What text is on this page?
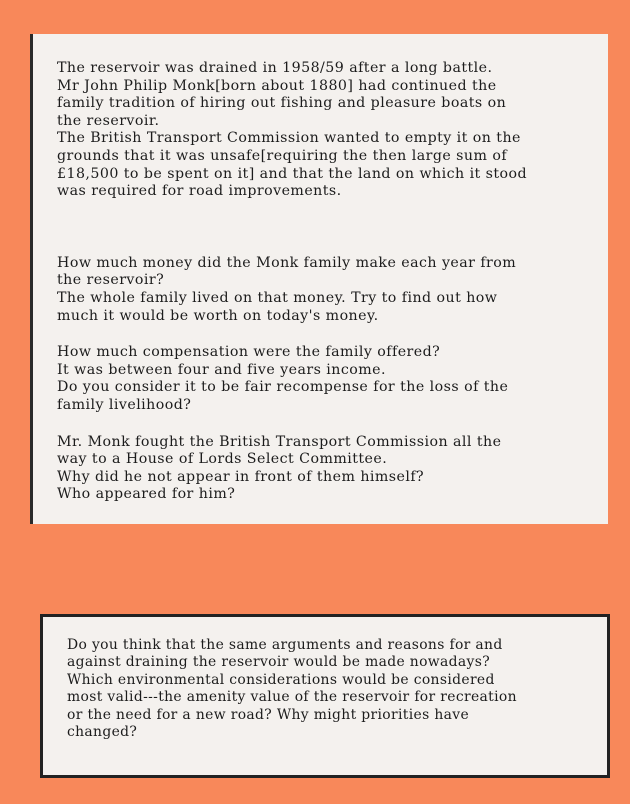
The reservoir was drained in 1958/59 after a long battle.
Mr John Philip Monk[born about 1880] had continued the
family tradition of hiring out fishing and pleasure boats on
the reservoir.
The British Transport Commission wanted to empty it on the
grounds that it was unsafe[requiring the then large sum of
£18,500 to be spent on it] and that the land on which it stood
was required for road improvements.
How much money did the Monk family make each year from
the reservoir?
The whole family lived on that money. Try to find out how
much it would be worth on today's money.
How much compensation were the family offered?
It was between four and five years income.
Do you consider it to be fair recompense for the loss of the
family livelihood?
Mr. Monk fought the British Transport Commission all the
way to a House of Lords Select Committee.
Why did he not appear in front of them himself?
Who appeared for him?
Do you think that the same arguments and reasons for and
against draining the reservoir would be made nowadays?
Which environmental considerations would be considered
most valid---the amenity value of the reservoir for recreation
or the need for a new road? Why might priorities have
changed?
